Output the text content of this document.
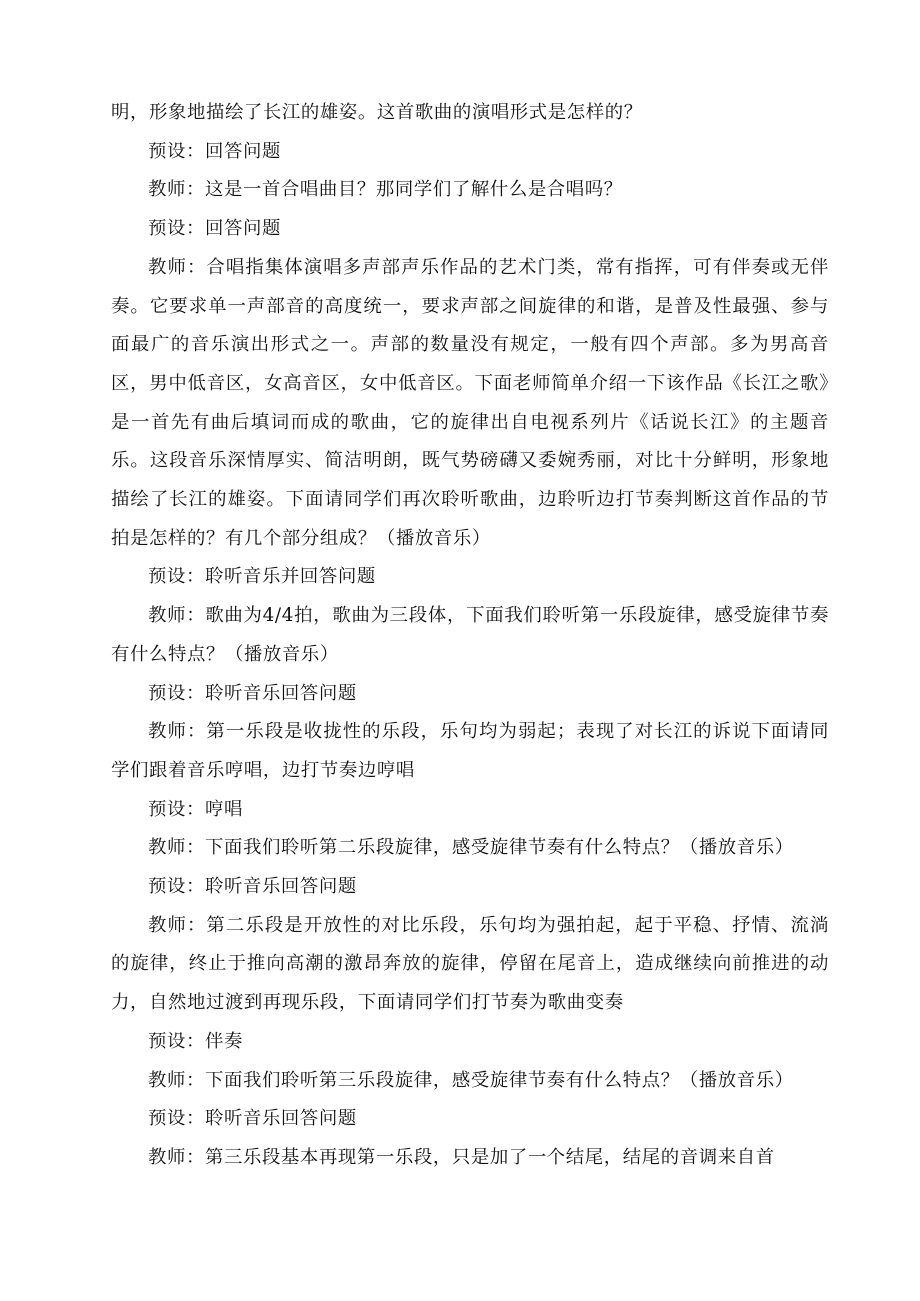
明，形象地描绘了长江的雄姿。这首歌曲的演唱形式是怎样的？

预设：回答问题

教师：这是一首合唱曲目？那同学们了解什么是合唱吗？

预设：回答问题

教师：合唱指集体演唱多声部声乐作品的艺术门类，常有指挥，可有伴奏或无伴奏。它要求单一声部音的高度统一，要求声部之间旋律的和谐，是普及性最强、参与面最广的音乐演出形式之一。声部的数量没有规定，一般有四个声部。多为男高音区，男中低音区，女高音区，女中低音区。下面老师简单介绍一下该作品《长江之歌》是一首先有曲后填词而成的歌曲，它的旋律出自电视系列片《话说长江》的主题音乐。这段音乐深情厚实、简洁明朗，既气势磅礴又委婉秀丽，对比十分鲜明，形象地描绘了长江的雄姿。下面请同学们再次聆听歌曲，边聆听边打节奏判断这首作品的节拍是怎样的？有几个部分组成？（播放音乐）

预设：聆听音乐并回答问题

教师：歌曲为4/4拍，歌曲为三段体，下面我们聆听第一乐段旋律，感受旋律节奏有什么特点？（播放音乐）

预设：聆听音乐回答问题

教师：第一乐段是收拢性的乐段，乐句均为弱起；表现了对长江的诉说下面请同学们跟着音乐哼唱，边打节奏边哼唱

预设：哼唱

教师：下面我们聆听第二乐段旋律，感受旋律节奏有什么特点？（播放音乐）

预设：聆听音乐回答问题

教师：第二乐段是开放性的对比乐段，乐句均为强拍起，起于平稳、抒情、流淌的旋律，终止于推向高潮的激昂奔放的旋律，停留在尾音上，造成继续向前推进的动力，自然地过渡到再现乐段，下面请同学们打节奏为歌曲变奏

预设：伴奏

教师：下面我们聆听第三乐段旋律，感受旋律节奏有什么特点？（播放音乐）

预设：聆听音乐回答问题

教师：第三乐段基本再现第一乐段，只是加了一个结尾，结尾的音调来自首
